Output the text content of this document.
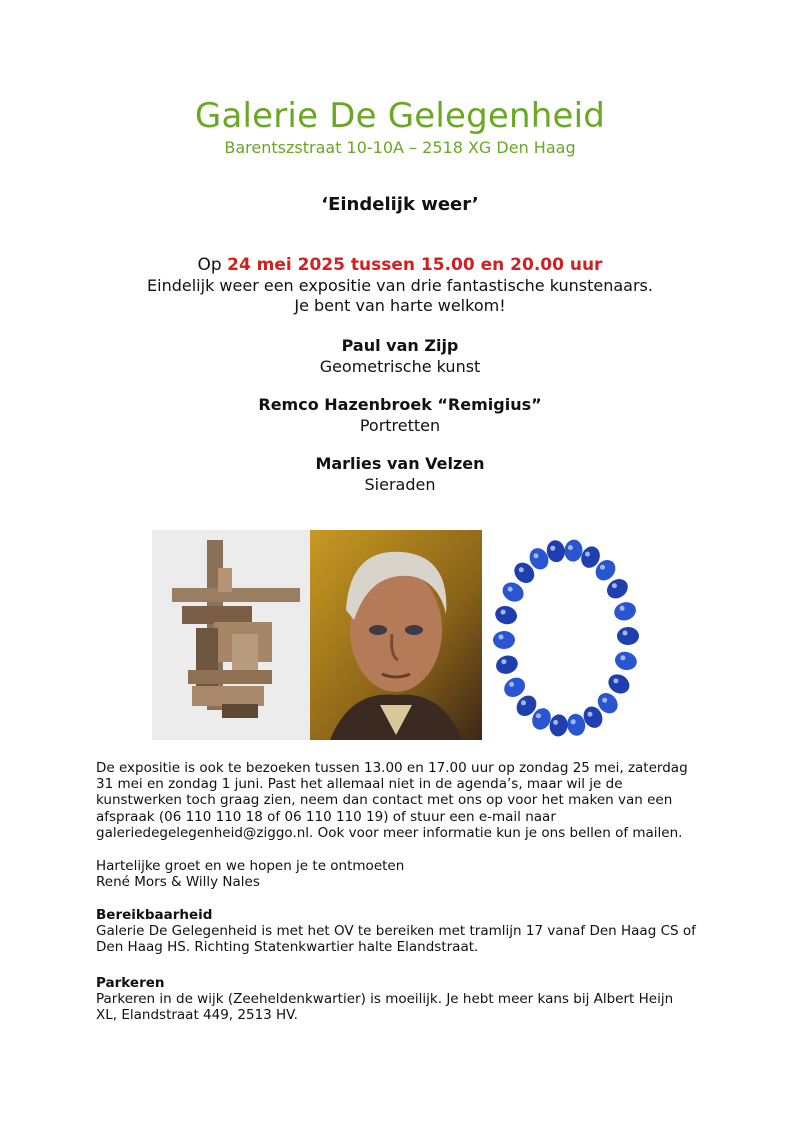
Galerie De Gelegenheid
Barentszstraat 10-10A – 2518 XG Den Haag
‘Eindelijk weer’
Op 24 mei 2025 tussen 15.00 en 20.00 uur
Eindelijk weer een expositie van drie fantastische kunstenaars.
Je bent van harte welkom!
Paul van Zijp
Geometrische kunst
Remco Hazenbroek “Remigius”
Portretten
Marlies van Velzen
Sieraden
De expositie is ook te bezoeken tussen 13.00 en 17.00 uur op zondag 25 mei, zaterdag
31 mei en zondag 1 juni. Past het allemaal niet in de agenda’s, maar wil je de
kunstwerken toch graag zien, neem dan contact met ons op voor het maken van een
afspraak (06 110 110 18 of 06 110 110 19) of stuur een e-mail naar
galeriedegelegenheid@ziggo.nl. Ook voor meer informatie kun je ons bellen of mailen.
Hartelijke groet en we hopen je te ontmoeten
René Mors & Willy Nales
Bereikbaarheid
Galerie De Gelegenheid is met het OV te bereiken met tramlijn 17 vanaf Den Haag CS of
Den Haag HS. Richting Statenkwartier halte Elandstraat.
Parkeren
Parkeren in de wijk (Zeeheldenkwartier) is moeilijk. Je hebt meer kans bij Albert Heijn
XL, Elandstraat 449, 2513 HV.
